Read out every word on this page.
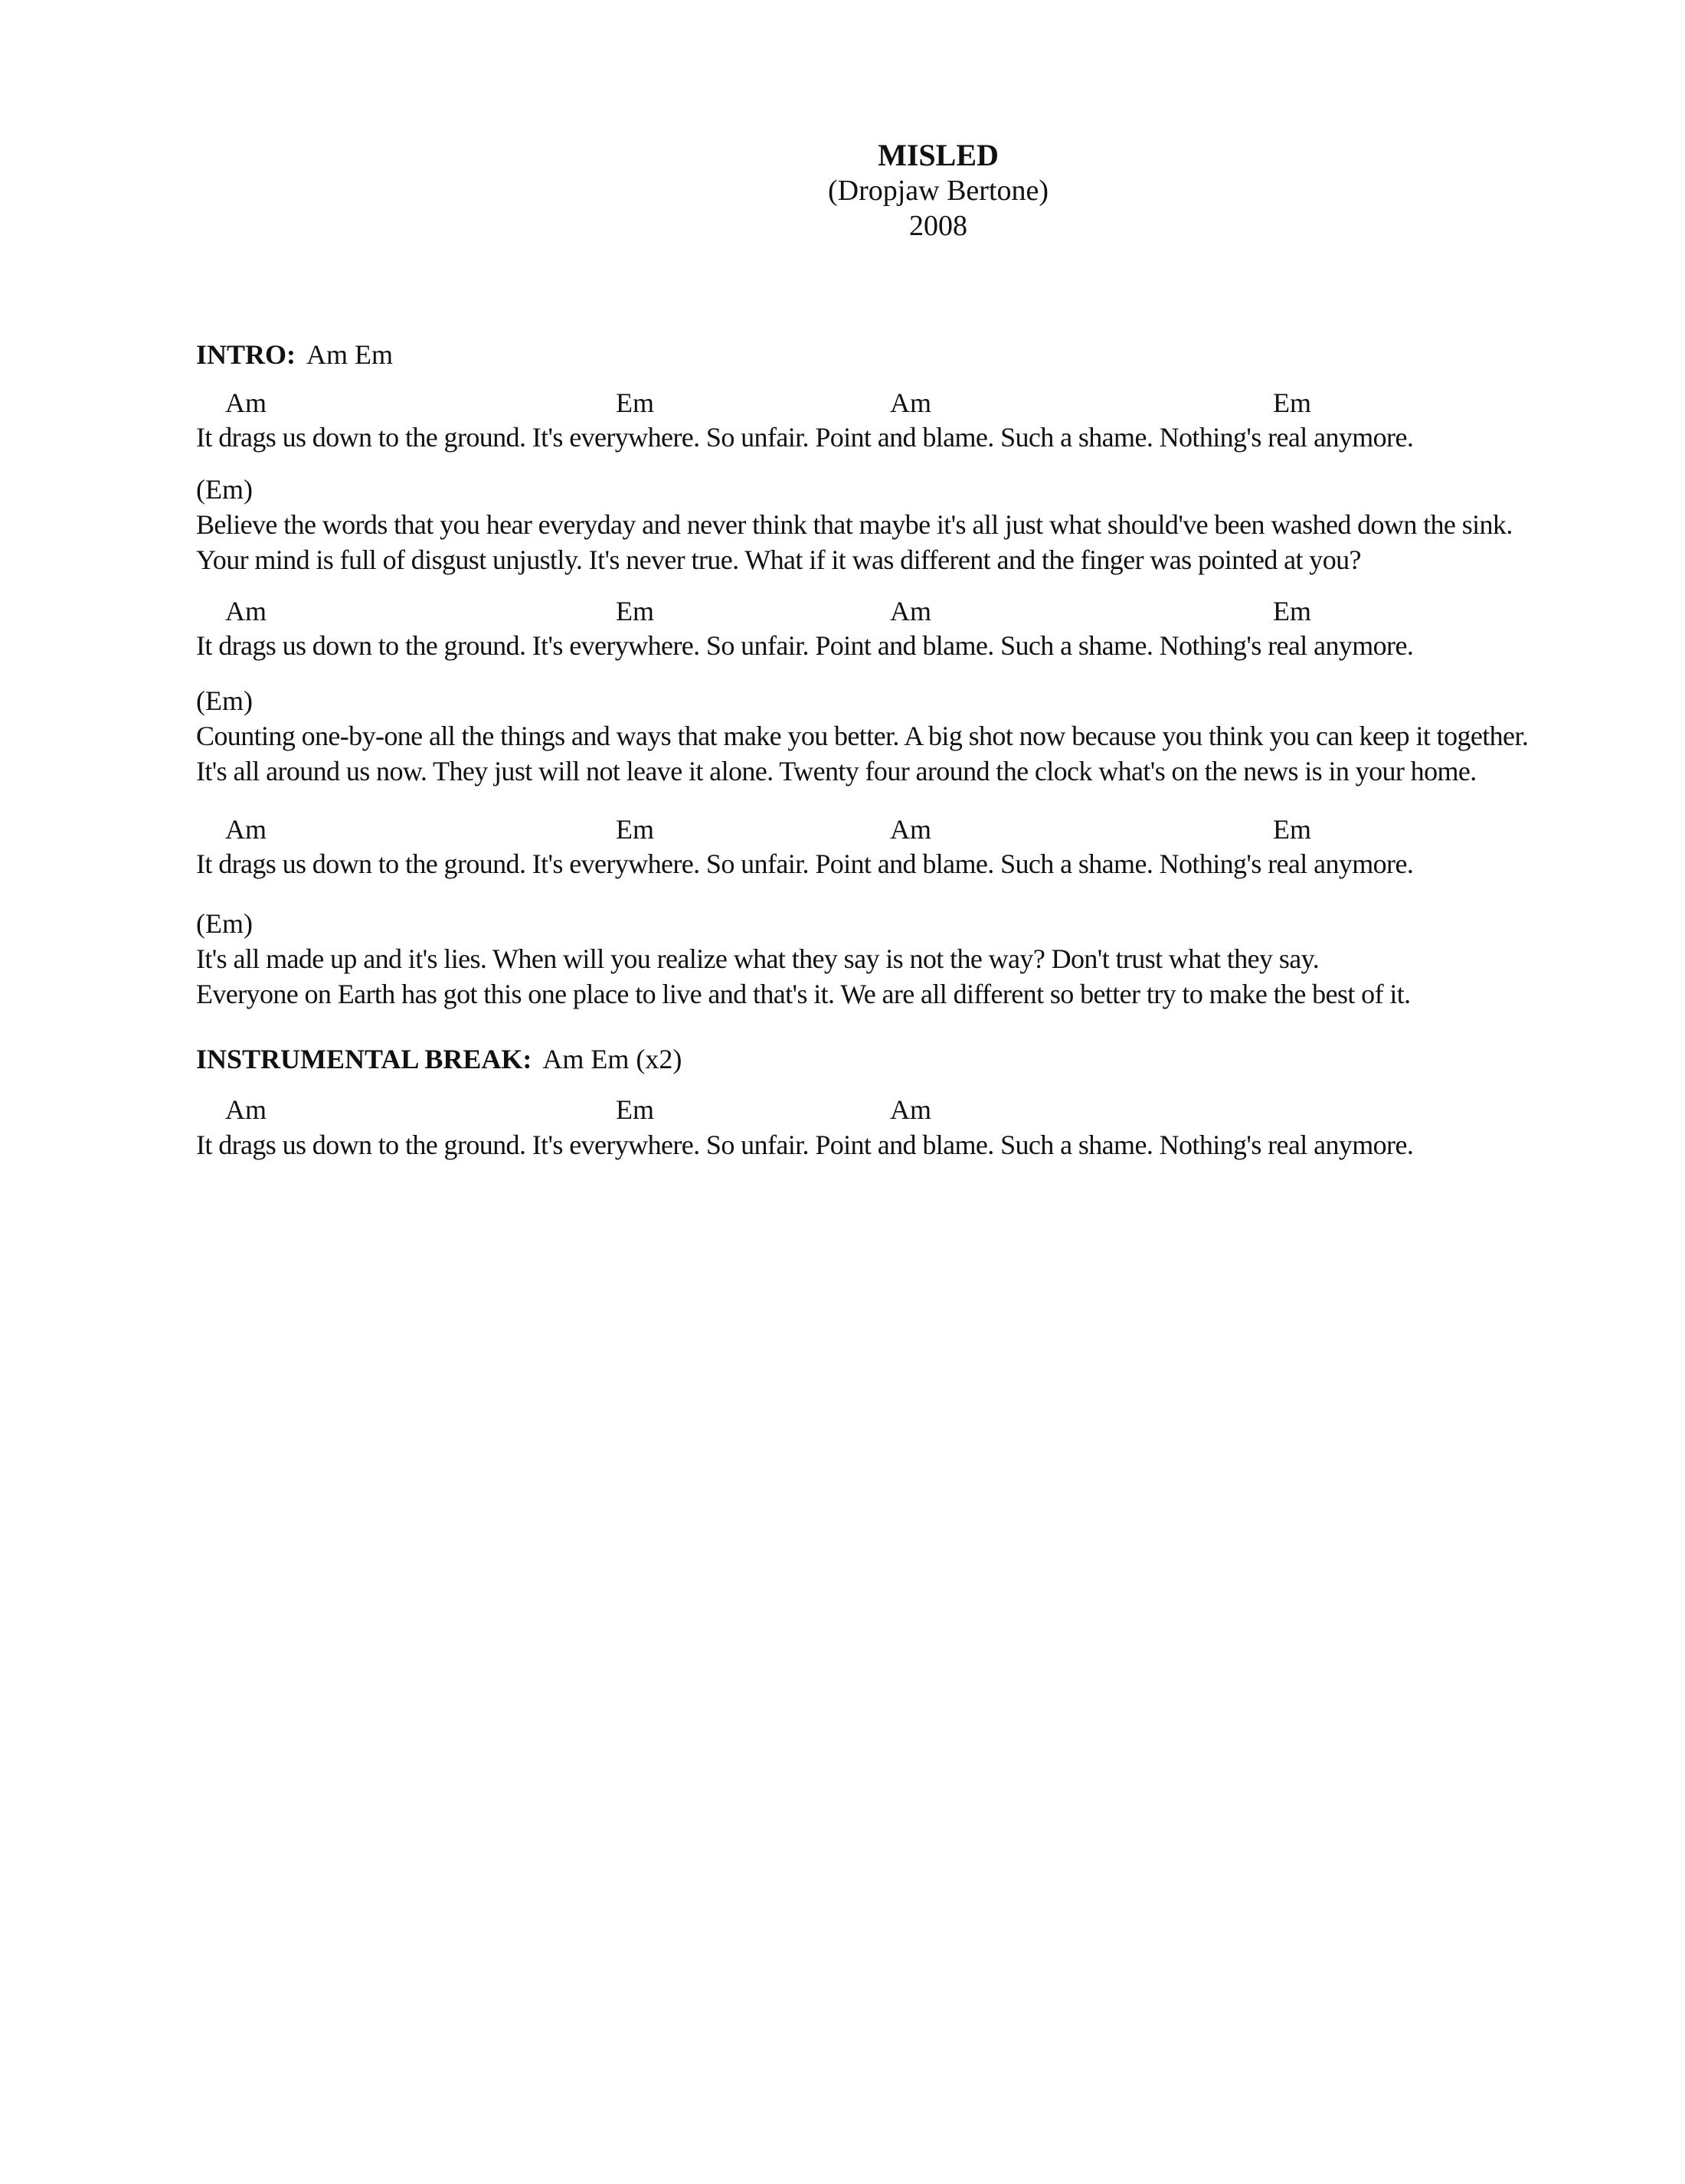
MISLED
(Dropjaw Bertone)
2008
INTRO: Am Em
Am	Em	Am	Em
It drags us down to the ground. It's everywhere. So unfair. Point and blame. Such a shame. Nothing's real anymore.
(Em)
Believe the words that you hear everyday and never think that maybe it's all just what should've been washed down the sink.
Your mind is full of disgust unjustly. It's never true. What if it was different and the finger was pointed at you?
Am	Em	Am	Em
It drags us down to the ground. It's everywhere. So unfair. Point and blame. Such a shame. Nothing's real anymore.
(Em)
Counting one-by-one all the things and ways that make you better. A big shot now because you think you can keep it together.
It's all around us now. They just will not leave it alone. Twenty four around the clock what's on the news is in your home.
Am	Em	Am	Em
It drags us down to the ground. It's everywhere. So unfair. Point and blame. Such a shame. Nothing's real anymore.
(Em)
It's all made up and it's lies. When will you realize what they say is not the way? Don't trust what they say.
Everyone on Earth has got this one place to live and that's it. We are all different so better try to make the best of it.
INSTRUMENTAL BREAK: Am Em (x2)
Am	Em	Am
It drags us down to the ground. It's everywhere. So unfair. Point and blame. Such a shame. Nothing's real anymore.
